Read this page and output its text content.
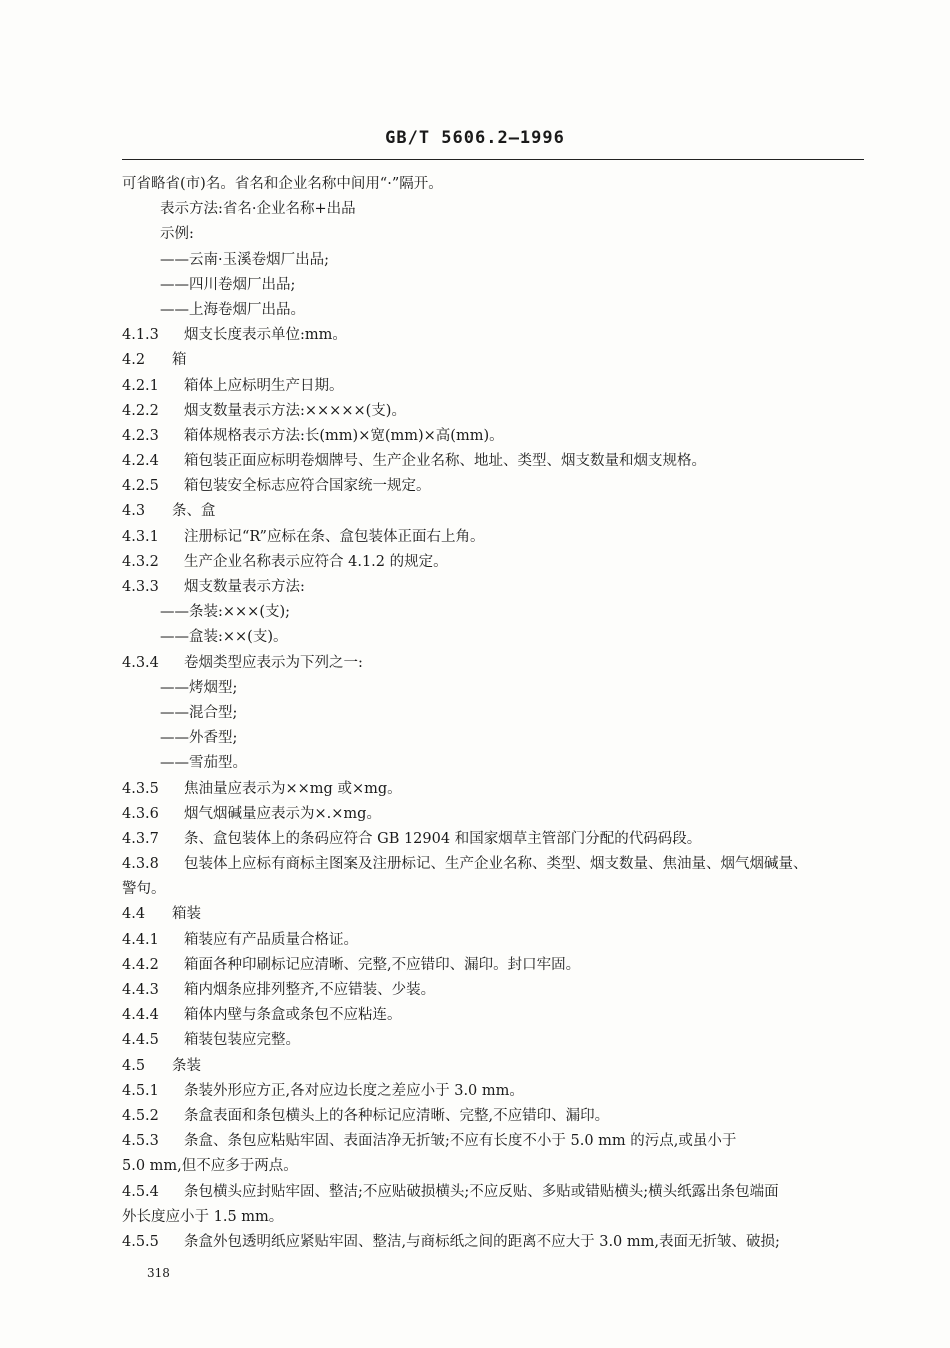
GB/T 5606.2—1996
可省略省(市)名。省名和企业名称中间用“·”隔开。
表示方法:省名·企业名称+出品
示例:
——云南·玉溪卷烟厂出品;
——四川卷烟厂出品;
——上海卷烟厂出品。
4.1.3 烟支长度表示单位:mm。
4.2 箱
4.2.1 箱体上应标明生产日期。
4.2.2 烟支数量表示方法:×××××(支)。
4.2.3 箱体规格表示方法:长(mm)×宽(mm)×高(mm)。
4.2.4 箱包装正面应标明卷烟牌号、生产企业名称、地址、类型、烟支数量和烟支规格。
4.2.5 箱包装安全标志应符合国家统一规定。
4.3 条、盒
4.3.1 注册标记“R”应标在条、盒包装体正面右上角。
4.3.2 生产企业名称表示应符合 4.1.2 的规定。
4.3.3 烟支数量表示方法:
——条装:×××(支);
——盒装:××(支)。
4.3.4 卷烟类型应表示为下列之一:
——烤烟型;
——混合型;
——外香型;
——雪茄型。
4.3.5 焦油量应表示为××mg 或×mg。
4.3.6 烟气烟碱量应表示为×.×mg。
4.3.7 条、盒包装体上的条码应符合 GB 12904 和国家烟草主管部门分配的代码码段。
4.3.8 包装体上应标有商标主图案及注册标记、生产企业名称、类型、烟支数量、焦油量、烟气烟碱量、
警句。
4.4 箱装
4.4.1 箱装应有产品质量合格证。
4.4.2 箱面各种印刷标记应清晰、完整,不应错印、漏印。封口牢固。
4.4.3 箱内烟条应排列整齐,不应错装、少装。
4.4.4 箱体内壁与条盒或条包不应粘连。
4.4.5 箱装包装应完整。
4.5 条装
4.5.1 条装外形应方正,各对应边长度之差应小于 3.0 mm。
4.5.2 条盒表面和条包横头上的各种标记应清晰、完整,不应错印、漏印。
4.5.3 条盒、条包应粘贴牢固、表面洁净无折皱;不应有长度不小于 5.0 mm 的污点,或虽小于
5.0 mm,但不应多于两点。
4.5.4 条包横头应封贴牢固、整洁;不应贴破损横头;不应反贴、多贴或错贴横头;横头纸露出条包端面
外长度应小于 1.5 mm。
4.5.5 条盒外包透明纸应紧贴牢固、整洁,与商标纸之间的距离不应大于 3.0 mm,表面无折皱、破损;
318
